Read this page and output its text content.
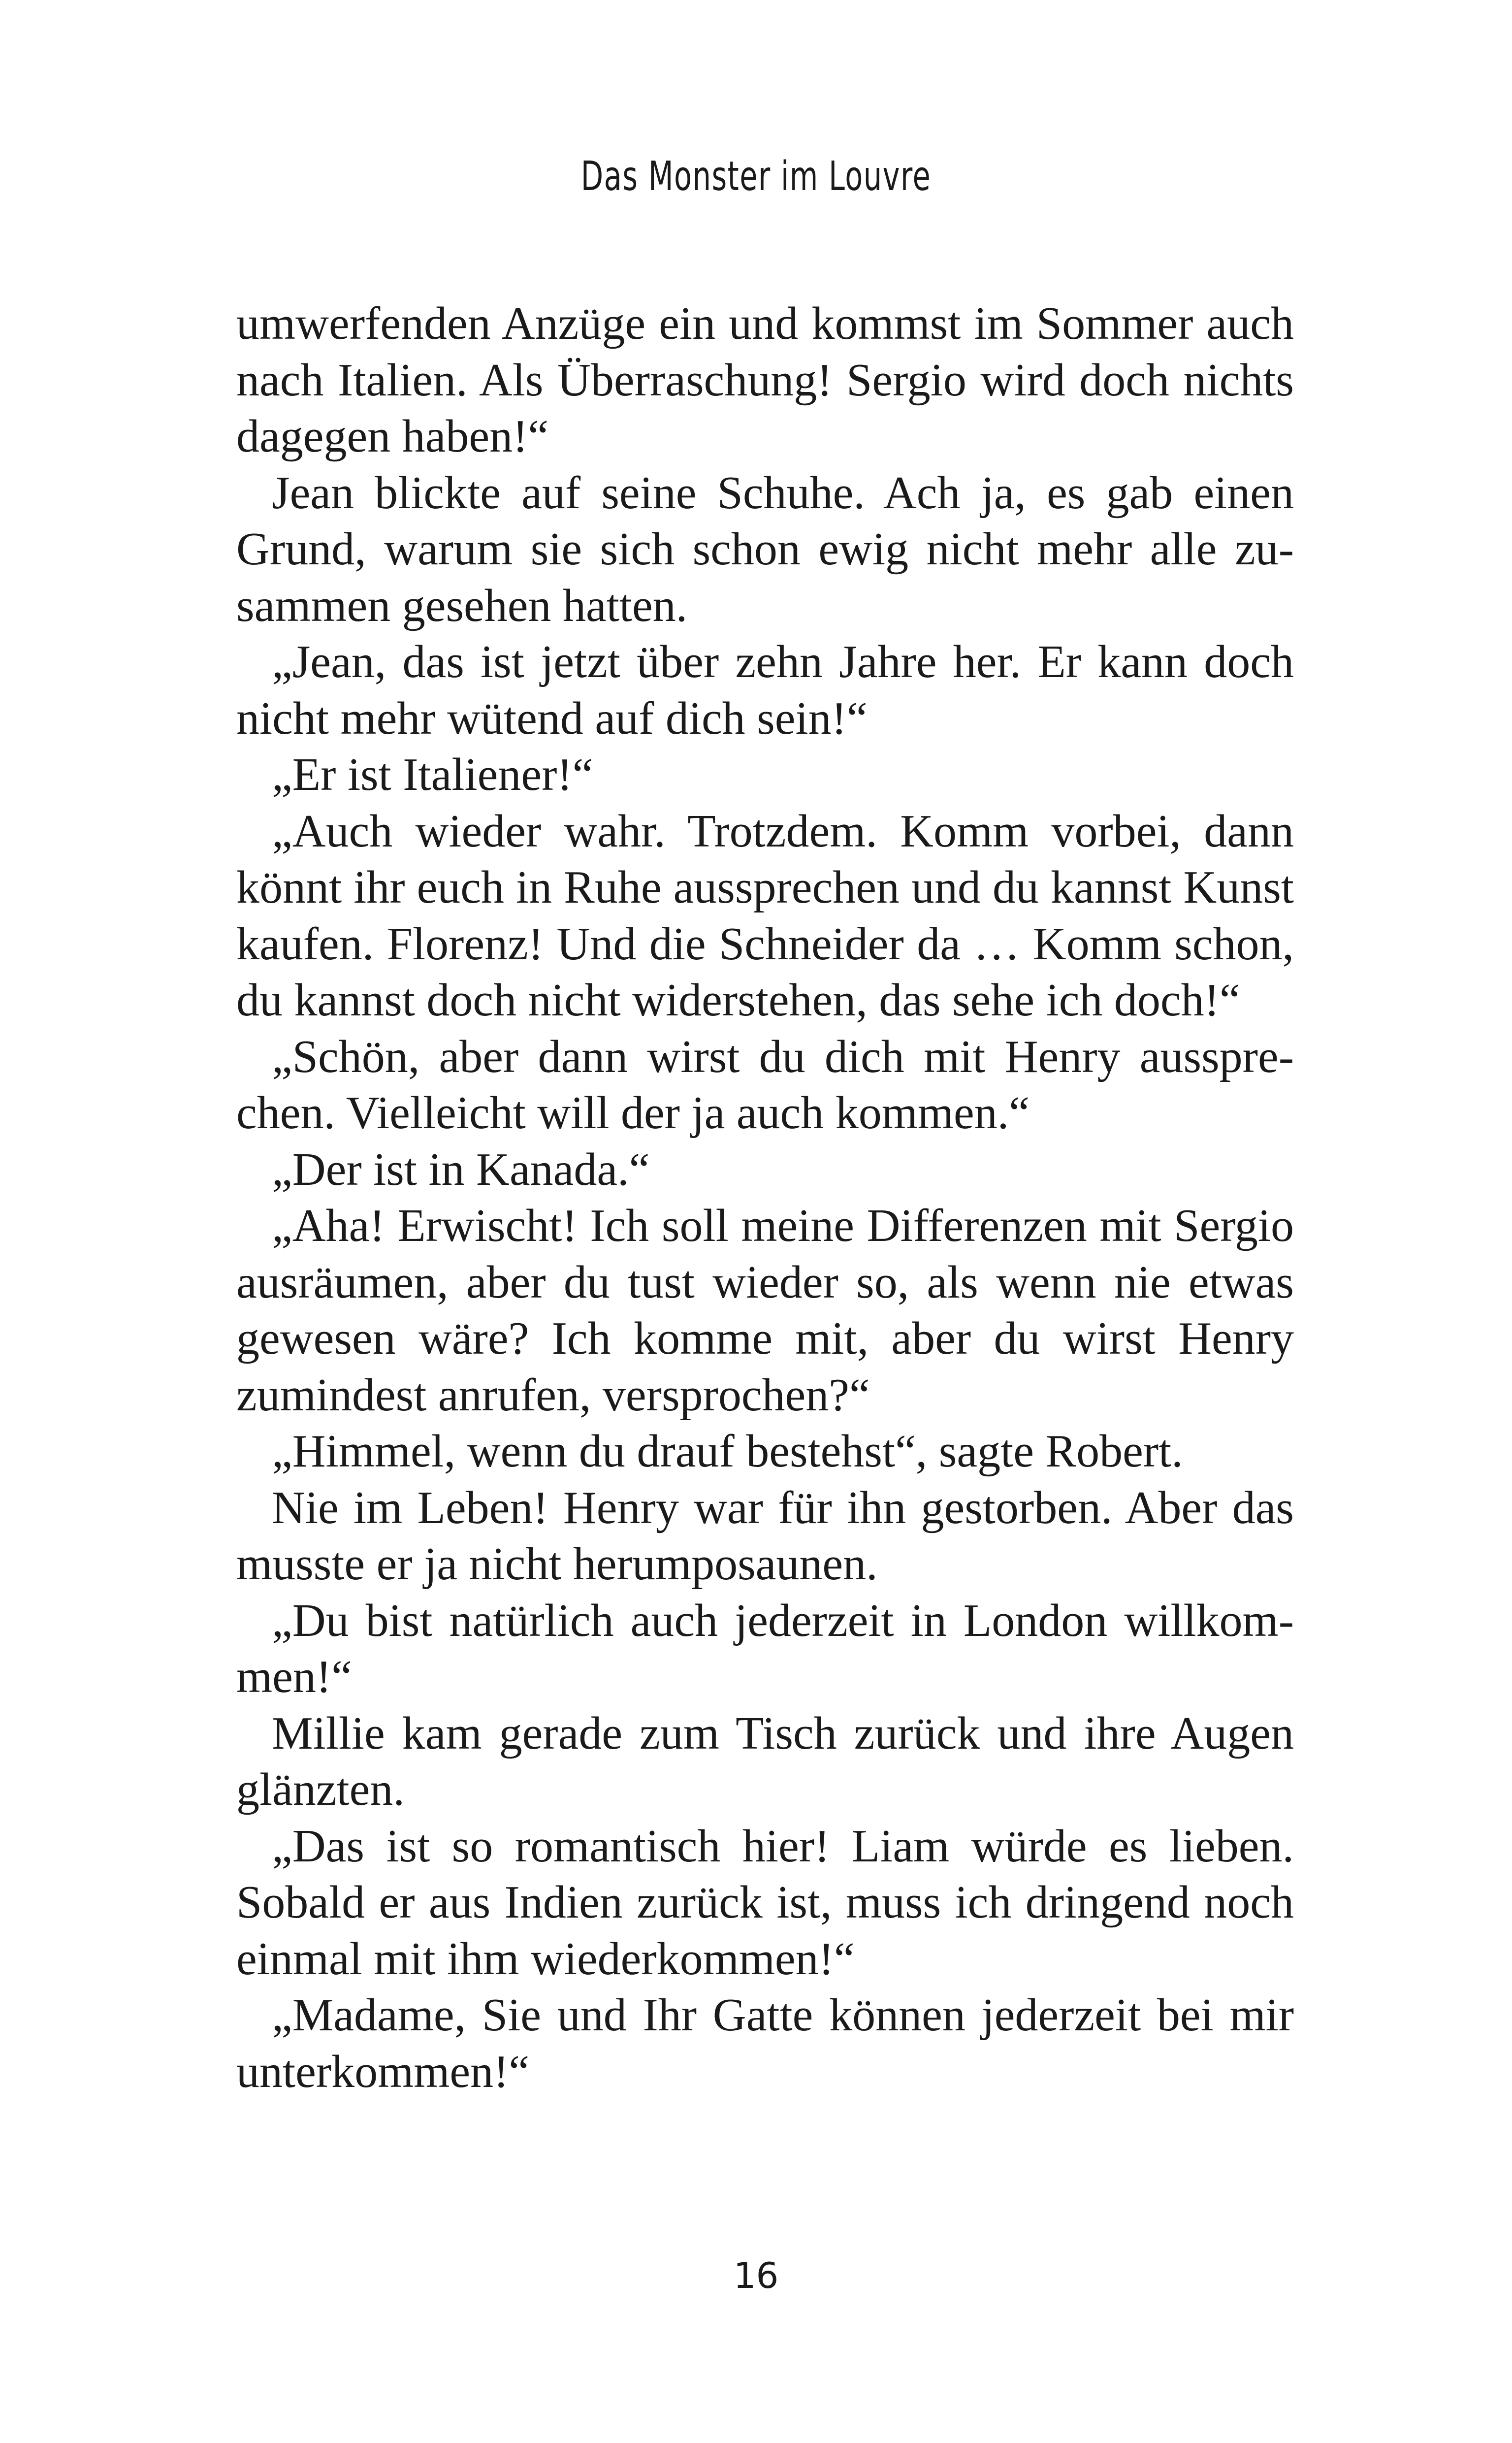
Das Monster im Louvre

umwerfenden Anzüge ein und kommst im Sommer auch nach Italien. Als Überraschung! Sergio wird doch nichts dagegen haben!“

Jean blickte auf seine Schuhe. Ach ja, es gab einen Grund, warum sie sich schon ewig nicht mehr alle zusammen gesehen hatten.

„Jean, das ist jetzt über zehn Jahre her. Er kann doch nicht mehr wütend auf dich sein!“

„Er ist Italiener!“

„Auch wieder wahr. Trotzdem. Komm vorbei, dann könnt ihr euch in Ruhe aussprechen und du kannst Kunst kaufen. Florenz! Und die Schneider da … Komm schon, du kannst doch nicht widerstehen, das sehe ich doch!“

„Schön, aber dann wirst du dich mit Henry aussprechen. Vielleicht will der ja auch kommen.“

„Der ist in Kanada.“

„Aha! Erwischt! Ich soll meine Differenzen mit Sergio ausräumen, aber du tust wieder so, als wenn nie etwas gewesen wäre? Ich komme mit, aber du wirst Henry zumindest anrufen, versprochen?“

„Himmel, wenn du drauf bestehst“, sagte Robert.

Nie im Leben! Henry war für ihn gestorben. Aber das musste er ja nicht herumposaunen.

„Du bist natürlich auch jederzeit in London willkommen!“

Millie kam gerade zum Tisch zurück und ihre Augen glänzten.

„Das ist so romantisch hier! Liam würde es lieben. Sobald er aus Indien zurück ist, muss ich dringend noch einmal mit ihm wiederkommen!“

„Madame, Sie und Ihr Gatte können jederzeit bei mir unterkommen!“

16
